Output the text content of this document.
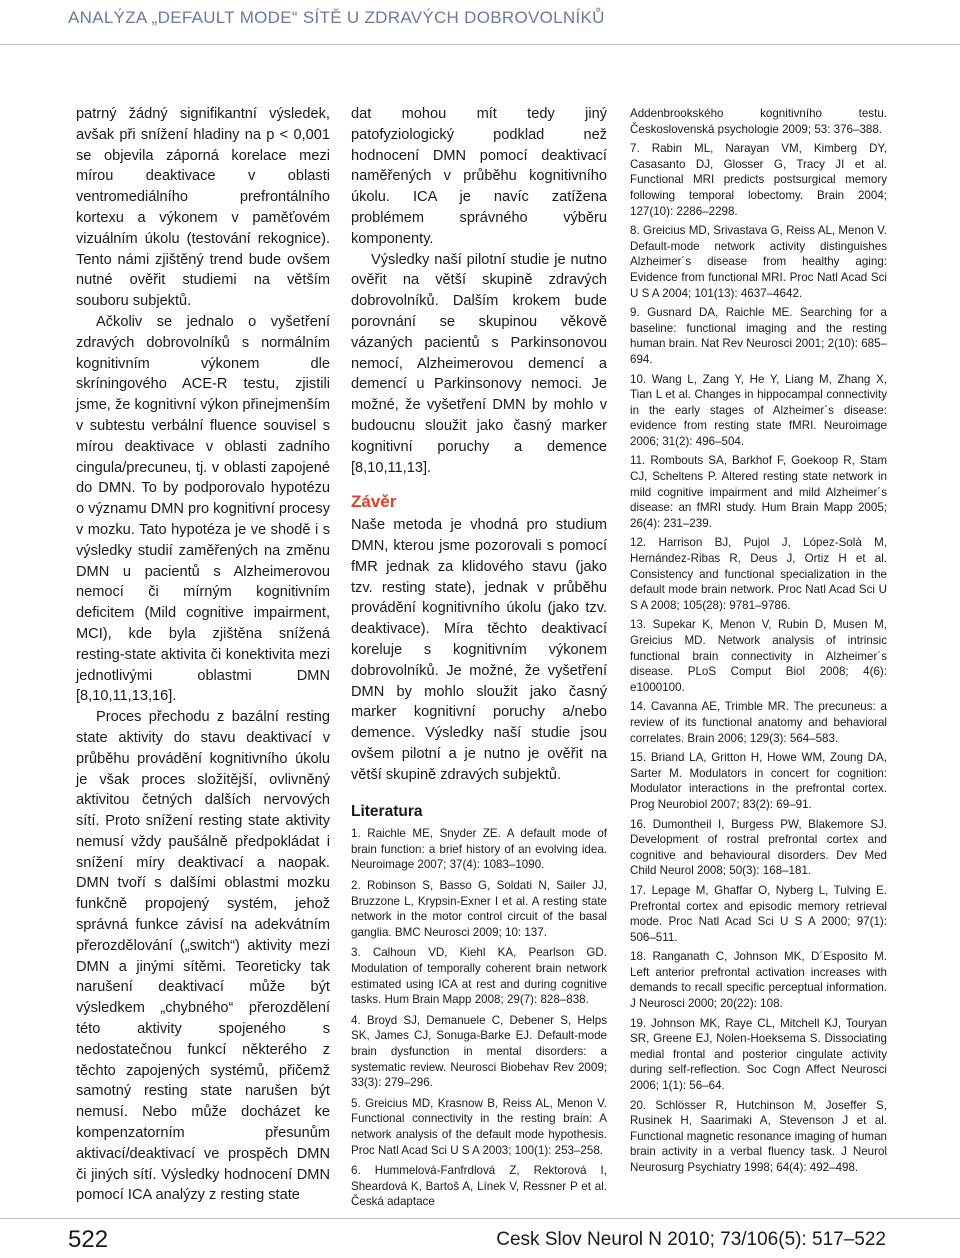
ANALÝZA „DEFAULT MODE“ SÍTĚ U ZDRAVÝCH DOBROVOLNÍKŮ

patrný žádný signifikantní výsledek, avšak při snížení hladiny na p < 0,001 se objevila záporná korelace mezi mírou deaktivace v oblasti ventromediálního prefrontálního kortexu a výkonem v paměťovém vizuálním úkolu (testování rekognice). Tento námi zjištěný trend bude ovšem nutné ověřit studiemi na větším souboru subjektů.

Ačkoliv se jednalo o vyšetření zdravých dobrovolníků s normálním kognitivním výkonem dle skríningového ACE-R testu, zjistili jsme, že kognitivní výkon přinejmenším v subtestu verbální fluence souvisel s mírou deaktivace v oblasti zadního cingula/precuneu, tj. v oblasti zapojené do DMN. To by podporovalo hypotézu o významu DMN pro kognitivní procesy v mozku. Tato hypotéza je ve shodě i s výsledky studií zaměřených na změnu DMN u pacientů s Alzheimerovou nemocí či mírným kognitivním deficitem (Mild cognitive impairment, MCI), kde byla zjištěna snížená resting-state aktivita či konektivita mezi jednotlivými oblastmi DMN [8,10,11,13,16].

Proces přechodu z bazální resting state aktivity do stavu deaktivací v průběhu provádění kognitivního úkolu je však proces složitější, ovlivněný aktivitou četných dalších nervových sítí. Proto snížení resting state aktivity nemusí vždy paušálně předpokládat i snížení míry deaktivací a naopak. DMN tvoří s dalšími oblastmi mozku funkčně propojený systém, jehož správná funkce závisí na adekvátním přerozdělování („switch“) aktivity mezi DMN a jinými sítěmi. Teoreticky tak narušení deaktivací může být výsledkem „chybného“ přerozdělení této aktivity spojeného s nedostatečnou funkcí některého z těchto zapojených systémů, přičemž samotný resting state narušen být nemusí. Nebo může docházet ke kompenzatorním přesunům aktivací/deaktivací ve prospěch DMN či jiných sítí. Výsledky hodnocení DMN pomocí ICA analýzy z resting state

dat mohou mít tedy jiný patofyziologický podklad než hodnocení DMN pomocí deaktivací naměřených v průběhu kognitivního úkolu. ICA je navíc zatížena problémem správného výběru komponenty.

Výsledky naší pilotní studie je nutno ověřit na větší skupině zdravých dobrovolníků. Dalším krokem bude porovnání se skupinou věkově vázaných pacientů s Parkinsonovou nemocí, Alzheimerovou demencí a demencí u Parkinsonovy nemoci. Je možné, že vyšetření DMN by mohlo v budoucnu sloužit jako časný marker kognitivní poruchy a demence [8,10,11,13].

Závěr

Naše metoda je vhodná pro studium DMN, kterou jsme pozorovali s pomocí fMR jednak za klidového stavu (jako tzv. resting state), jednak v průběhu provádění kognitivního úkolu (jako tzv. deaktivace). Míra těchto deaktivací koreluje s kognitivním výkonem dobrovolníků. Je možné, že vyšetření DMN by mohlo sloužit jako časný marker kognitivní poruchy a/nebo demence. Výsledky naší studie jsou ovšem pilotní a je nutno je ověřit na větší skupině zdravých subjektů.

Literatura
1. Raichle ME, Snyder ZE. A default mode of brain function: a brief history of an evolving idea. Neuroimage 2007; 37(4): 1083–1090.
2. Robinson S, Basso G, Soldati N, Sailer JJ, Bruzzone L, Krypsin-Exner I et al. A resting state network in the motor control circuit of the basal ganglia. BMC Neurosci 2009; 10: 137.
3. Calhoun VD, Kiehl KA, Pearlson GD. Modulation of temporally coherent brain network estimated using ICA at rest and during cognitive tasks. Hum Brain Mapp 2008; 29(7): 828–838.
4. Broyd SJ, Demanuele C, Debener S, Helps SK, James CJ, Sonuga-Barke EJ. Default-mode brain dysfunction in mental disorders: a systematic review. Neurosci Biobehav Rev 2009; 33(3): 279–296.
5. Greicius MD, Krasnow B, Reiss AL, Menon V. Functional connectivity in the resting brain: A network analysis of the default mode hypothesis. Proc Natl Acad Sci U S A 2003; 100(1): 253–258.
6. Hummelová-Fanfrdlová Z, Rektorová I, Sheardová K, Bartoš A, Línek V, Ressner P et al. Česká adaptace
Addenbrookského kognitivního testu. Československá psychologie 2009; 53: 376–388.
7. Rabin ML, Narayan VM, Kimberg DY, Casasanto DJ, Glosser G, Tracy JI et al. Functional MRI predicts postsurgical memory following temporal lobectomy. Brain 2004; 127(10): 2286–2298.
8. Greicius MD, Srivastava G, Reiss AL, Menon V. Default-mode network activity distinguishes Alzheimer´s disease from healthy aging: Evidence from functional MRI. Proc Natl Acad Sci U S A 2004; 101(13): 4637–4642.
9. Gusnard DA, Raichle ME. Searching for a baseline: functional imaging and the resting human brain. Nat Rev Neurosci 2001; 2(10): 685–694.
10. Wang L, Zang Y, He Y, Liang M, Zhang X, Tian L et al. Changes in hippocampal connectivity in the early stages of Alzheimer´s disease: evidence from resting state fMRI. Neuroimage 2006; 31(2): 496–504.
11. Rombouts SA, Barkhof F, Goekoop R, Stam CJ, Scheltens P. Altered resting state network in mild cognitive impairment and mild Alzheimer´s disease: an fMRI study. Hum Brain Mapp 2005; 26(4): 231–239.
12. Harrison BJ, Pujol J, López-Solà M, Hernández-Ribas R, Deus J, Ortiz H et al. Consistency and functional specialization in the default mode brain network. Proc Natl Acad Sci U S A 2008; 105(28): 9781–9786.
13. Supekar K, Menon V, Rubin D, Musen M, Greicius MD. Network analysis of intrinsic functional brain connectivity in Alzheimer´s disease. PLoS Comput Biol 2008; 4(6): e1000100.
14. Cavanna AE, Trimble MR. The precuneus: a review of its functional anatomy and behavioral correlates. Brain 2006; 129(3): 564–583.
15. Briand LA, Gritton H, Howe WM, Zoung DA, Sarter M. Modulators in concert for cognition: Modulator interactions in the prefrontal cortex. Prog Neurobiol 2007; 83(2): 69–91.
16. Dumontheil I, Burgess PW, Blakemore SJ. Development of rostral prefrontal cortex and cognitive and behavioural disorders. Dev Med Child Neurol 2008; 50(3): 168–181.
17. Lepage M, Ghaffar O, Nyberg L, Tulving E. Prefrontal cortex and episodic memory retrieval mode. Proc Natl Acad Sci U S A 2000; 97(1): 506–511.
18. Ranganath C, Johnson MK, D´Esposito M. Left anterior prefrontal activation increases with demands to recall specific perceptual information. J Neurosci 2000; 20(22): 108.
19. Johnson MK, Raye CL, Mitchell KJ, Touryan SR, Greene EJ, Nolen-Hoeksema S. Dissociating medial frontal and posterior cingulate activity during self-reflection. Soc Cogn Affect Neurosci 2006; 1(1): 56–64.
20. Schlösser R, Hutchinson M, Joseffer S, Rusinek H, Saarimaki A, Stevenson J et al. Functional magnetic resonance imaging of human brain activity in a verbal fluency task. J Neurol Neurosurg Psychiatry 1998; 64(4): 492–498.
522	Cesk Slov Neurol N 2010; 73/106(5): 517–522
